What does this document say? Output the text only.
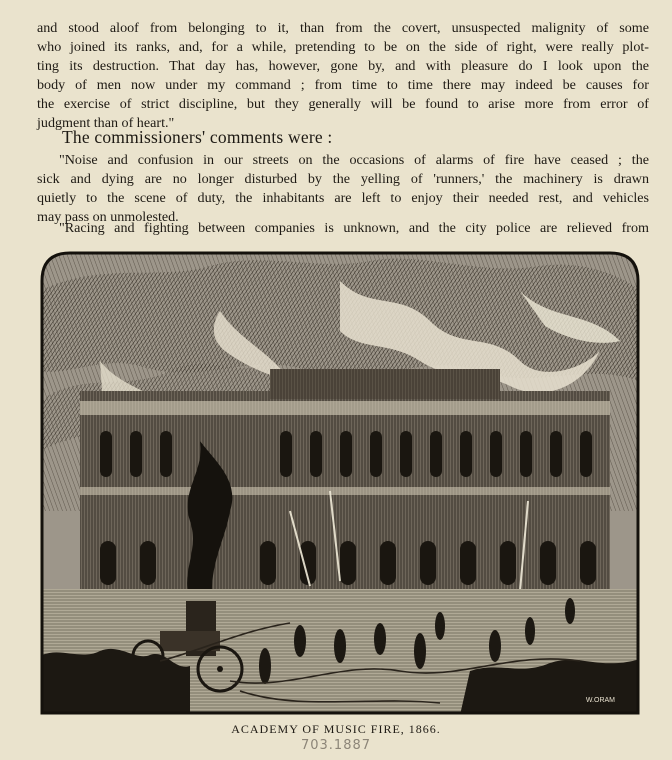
and stood aloof from belonging to it, than from the covert, unsuspected malignity of some
who joined its ranks, and, for a while, pretending to be on the side of right, were really plot-
ting its destruction. That day has, however, gone by, and with pleasure do I look upon the
body of men now under my command ; from time to time there may indeed be causes for
the exercise of strict discipline, but they generally will be found to arise more from error of
judgment than of heart."

The commissioners' comments were :

"Noise and confusion in our streets on the occasions of alarms of fire have ceased ; the
sick and dying are no longer disturbed by the yelling of 'runners,' the machinery is drawn
quietly to the scene of duty, the inhabitants are left to enjoy their needed rest, and vehicles
may pass on unmolested.

"Racing and fighting between companies is unknown, and the city police are relieved from

W.ORAM

ACADEMY OF MUSIC FIRE, 1866.

703.1887
